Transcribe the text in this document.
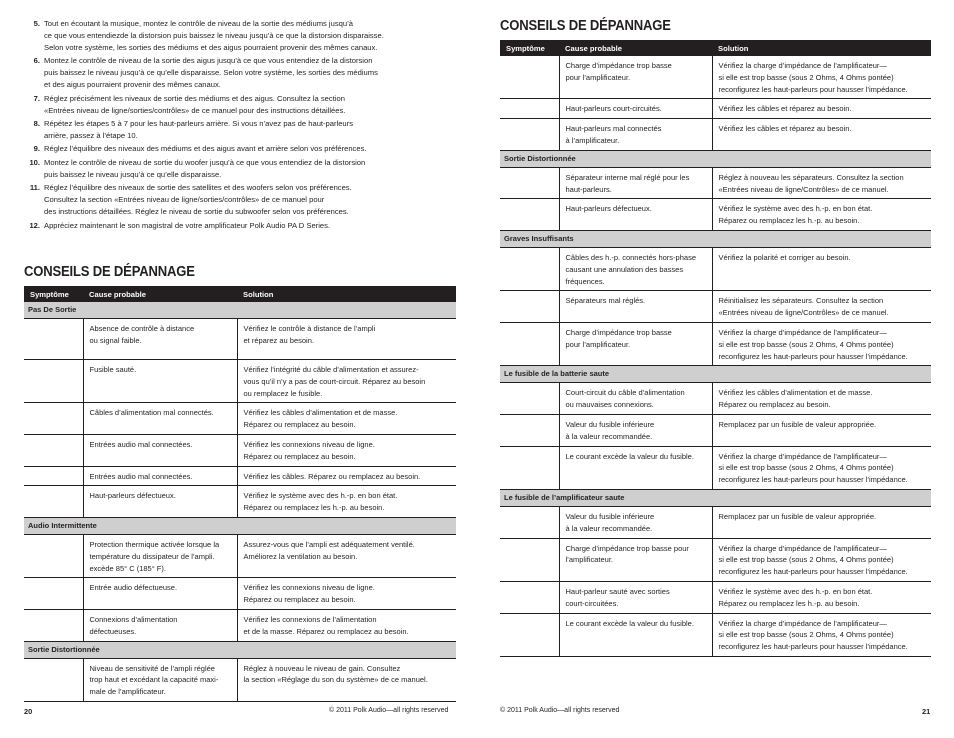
5. Tout en écoutant la musique, montez le contrôle de niveau de la sortie des médiums jusqu’à
ce que vous entendiezde la distorsion puis baissez le niveau jusqu’à ce que la distorsion disparaisse.
Selon votre système, les sorties des médiums et des aigus pourraient provenir des mêmes canaux.
6. Montez le contrôle de niveau de la sortie des aigus jusqu’à ce que vous entendiez de la distorsion
puis baissez le niveau jusqu’à ce qu’elle disparaisse. Selon votre système, les sorties des médiums
et des aigus pourraient provenir des mêmes canaux.
7. Réglez précisément les niveaux de sortie des médiums et des aigus. Consultez la section
«Entrées niveau de ligne/sorties/contrôles» de ce manuel pour des instructions détaillées.
8. Répétez les étapes 5 à 7 pour les haut-parleurs arrière. Si vous n’avez pas de haut-parleurs
arrière, passez à l’étape 10.
9. Réglez l’équilibre des niveaux des médiums et des aigus avant et arrière selon vos préférences.
10. Montez le contrôle de niveau de sortie du woofer jusqu’à ce que vous entendiez de la distorsion
puis baissez le niveau jusqu’à ce qu’elle disparaisse.
11. Réglez l’équilibre des niveaux de sortie des satellites et des woofers selon vos préférences.
Consultez la section «Entrées niveau de ligne/sorties/contrôles» de ce manuel pour
des instructions détaillées. Réglez le niveau de sortie du subwoofer selon vos préférences.
12. Appréciez maintenant le son magistral de votre amplificateur Polk Audio PA D Series.
CONSEILS DE DÉPANNAGE
Symptôme	Cause probable	Solution
Pas De Sortie		

	Absence de contrôle à distance
ou signal faible.	Vérifiez le contrôle à distance de l’ampli
et réparez au besoin.

	Fusible sauté.	Vérifiez l’intégrité du câble d’alimentation et assurez-
vous qu’il n’y a pas de court-circuit. Réparez au besoin
ou remplacez le fusible.

	Câbles d’alimentation mal connectés.	Vérifiez les câbles d’alimentation et de masse.
Réparez ou remplacez au besoin.

	Entrées audio mal connectées.	Vérifiez les connexions niveau de ligne.
Réparez ou remplacez au besoin.

	Entrées audio mal connectées.	Vérifiez les câbles. Réparez ou remplacez au besoin.

	Haut-parleurs défectueux.	Vérifiez le système avec des h.-p. en bon état.
Réparez ou remplacez les h.-p. au besoin.

Audio Intermittente		

	Protection thermique activée lorsque la
température du dissipateur de l’ampli.
excède 85° C (185° F).	Assurez-vous que l’ampli est adéquatement ventilé.
Améliorez la ventilation au besoin.

	Entrée audio défectueuse.	Vérifiez les connexions niveau de ligne.
Réparez ou remplacez au besoin.

	Connexions d’alimentation
défectueuses.	Vérifiez les connexions de l’alimentation
et de la masse. Réparez ou remplacez au besoin.

Sortie Distortionnée		

	Niveau de sensitivité de l’ampli réglée
trop haut et excédant la capacité maxi-
male de l’amplificateur.	Réglez à nouveau le niveau de gain. Consultez
la section «Réglage du son du système» de ce manuel.
20	© 2011 Polk Audio—all rights reserved
CONSEILS DE DÉPANNAGE
Symptôme	Cause probable	Solution

	Charge d’impédance trop basse
pour l’amplificateur.	Vérifiez la charge d’impédance de l’amplificateur—
si elle est trop basse (sous 2 Ohms, 4 Ohms pontée)
reconfigurez les haut-parleurs pour hausser l’impédance.

	Haut-parleurs court-circuités.	Vérifiez les câbles et réparez au besoin.

	Haut-parleurs mal connectés
à l’amplificateur.	Vérifiez les câbles et réparez au besoin.

Sortie Distortionnée		

	Séparateur interne mal réglé pour les
haut-parleurs.	Réglez à nouveau les séparateurs. Consultez la section
«Entrées niveau de ligne/Contrôles» de ce manuel.

	Haut-parleurs défectueux.	Vérifiez le système avec des h.-p. en bon état.
Réparez ou remplacez les h.-p. au besoin.

Graves Insuffisants		

	Câbles des h.-p. connectés hors-phase
causant une annulation des basses
fréquences.	Vérifiez la polarité et corriger au besoin.

	Séparateurs mal réglés.	Réinitialisez les séparateurs. Consultez la section
«Entrées niveau de ligne/Contrôles» de ce manuel.

	Charge d’impédance trop basse
pour l’amplificateur.	Vérifiez la charge d’impédance de l’amplificateur—
si elle est trop basse (sous 2 Ohms, 4 Ohms pontée)
reconfigurez les haut-parleurs pour hausser l’impédance.

Le fusible de la batterie saute		

	Court-circuit du câble d’alimentation
ou mauvaises connexions.	Vérifiez les câbles d’alimentation et de masse.
Réparez ou remplacez au besoin.

	Valeur du fusible inférieure
à la valeur recommandée.	Remplacez par un fusible de valeur appropriée.

	Le courant excède la valeur du fusible.	Vérifiez la charge d’impédance de l’amplificateur—
si elle est trop basse (sous 2 Ohms, 4 Ohms pontée)
reconfigurez les haut-parleurs pour hausser l’impédance.

Le fusible de l’amplificateur saute		

	Valeur du fusible inférieure
à la valeur recommandée.	Remplacez par un fusible de valeur appropriée.

	Charge d’impédance trop basse pour
l’amplificateur.	Vérifiez la charge d’impédance de l’amplificateur—
si elle est trop basse (sous 2 Ohms, 4 Ohms pontée)
reconfigurez les haut-parleurs pour hausser l’impédance.

	Haut-parleur sauté avec sorties
court-circuitées.	Vérifiez le système avec des h.-p. en bon état.
Réparez ou remplacez les h.-p. au besoin.

	Le courant excède la valeur du fusible.	Vérifiez la charge d’impédance de l’amplificateur—
si elle est trop basse (sous 2 Ohms, 4 Ohms pontée)
reconfigurez les haut-parleurs pour hausser l’impédance.
© 2011 Polk Audio—all rights reserved	21
